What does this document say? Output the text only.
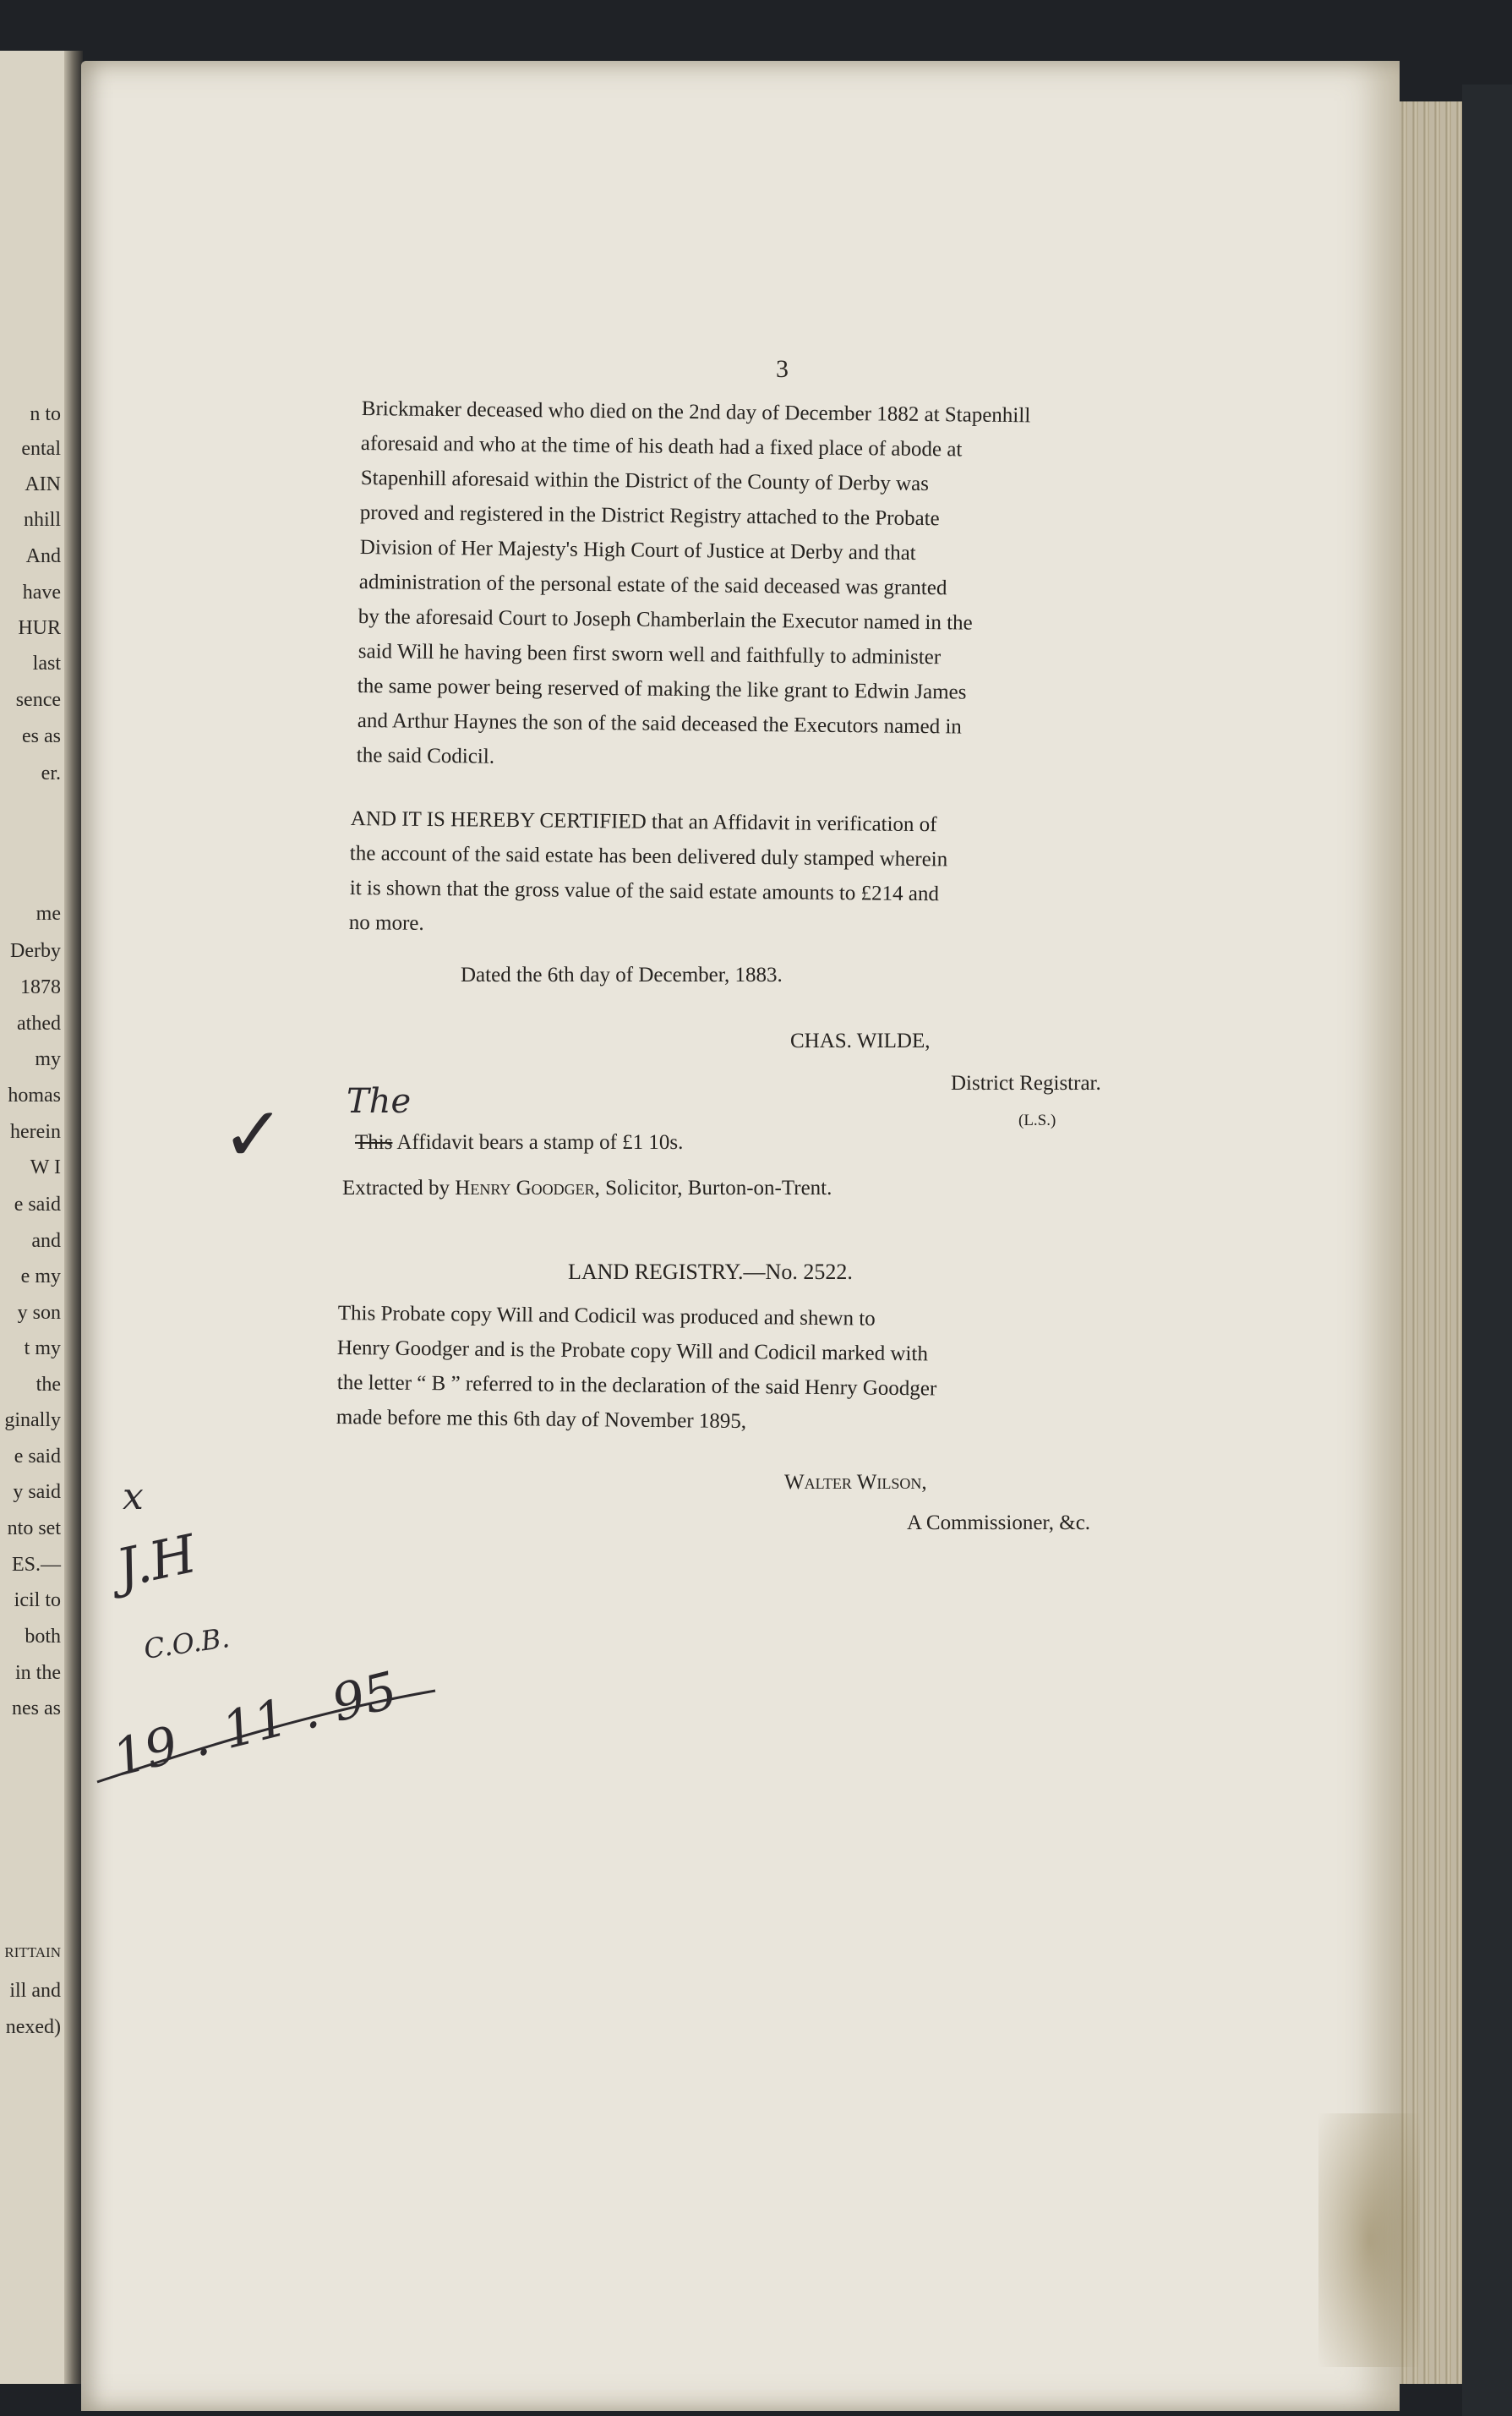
n to
ental
AIN
nhill
And
have
HUR
last
sence
es as
er.
me
Derby
1878
athed
my
homas
herein
W I
e said
and
e my
y son
t my
the
ginally
e said
y said
nto set
ES.—
icil to
both
in the
nes as
RITTAIN
ill and
nexed)
3
Brickmaker deceased who died on the 2nd day of December 1882 at Stapenhill
aforesaid and who at the time of his death had a fixed place of abode at
Stapenhill aforesaid within the District of the County of Derby was
proved and registered in the District Registry attached to the Probate
Division of Her Majesty's High Court of Justice at Derby and that
administration of the personal estate of the said deceased was granted
by the aforesaid Court to Joseph Chamberlain the Executor named in the
said Will he having been first sworn well and faithfully to administer
the same power being reserved of making the like grant to Edwin James
and Arthur Haynes the son of the said deceased the Executors named in
the said Codicil.
AND IT IS HEREBY CERTIFIED that an Affidavit in verification of
the account of the said estate has been delivered duly stamped wherein
it is shown that the gross value of the said estate amounts to £214 and
no more.
Dated the 6th day of December, 1883.
CHAS. WILDE,
District Registrar.
(L.S.)
This Affidavit bears a stamp of £1 10s.
The
Extracted by Henry Goodger, Solicitor, Burton-on-Trent.
LAND REGISTRY.—No. 2522.
This Probate copy Will and Codicil was produced and shewn to
Henry Goodger and is the Probate copy Will and Codicil marked with
the letter “ B ” referred to in the declaration of the said Henry Goodger
made before me this 6th day of November 1895,
Walter Wilson,
A Commissioner, &c.
✓
x
J.H
C.O.B.
19 . 11 . 95
